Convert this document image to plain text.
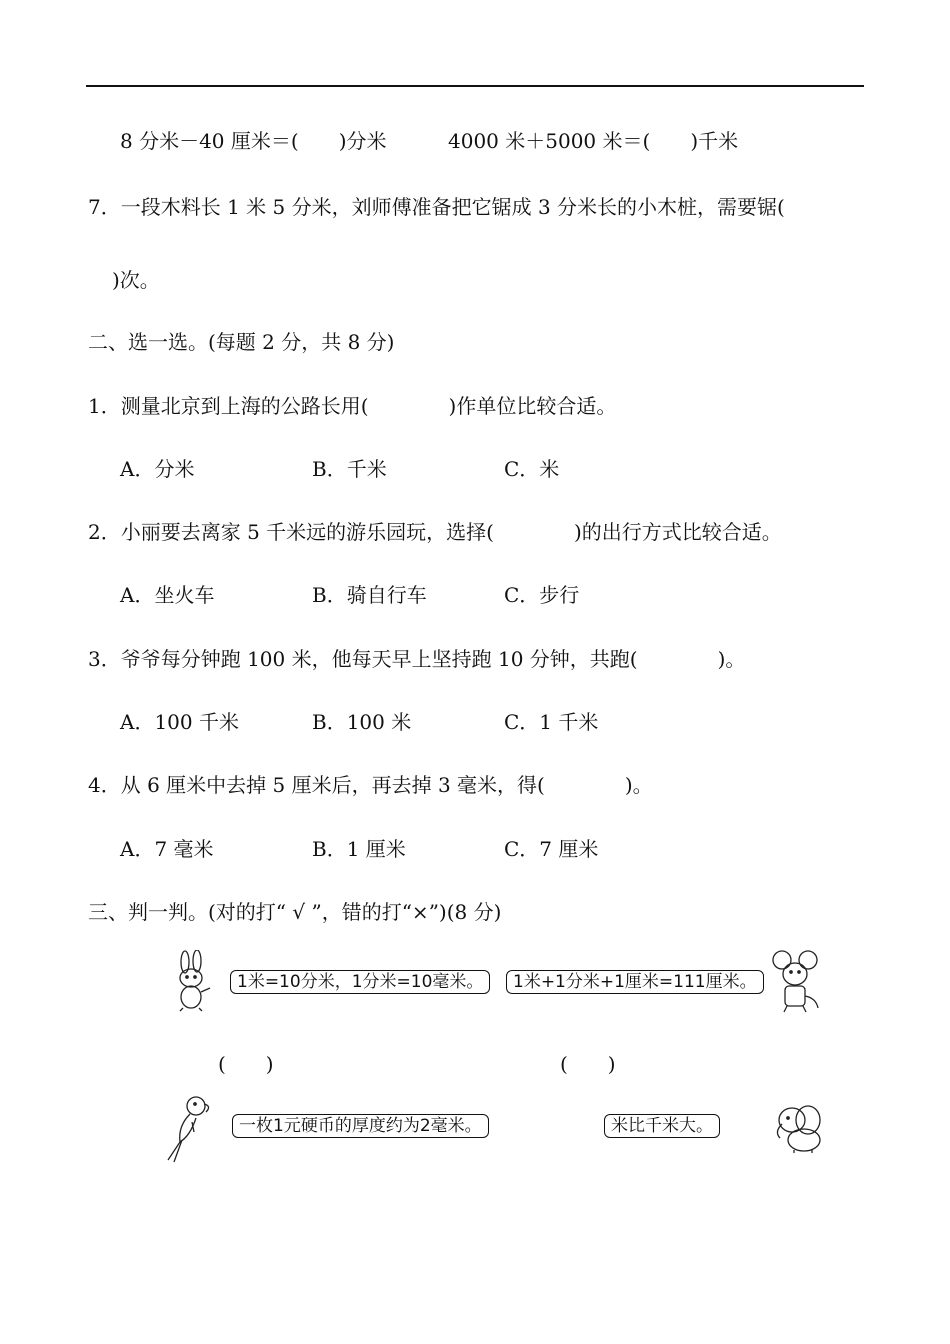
8 分米－40 厘米＝(　　)分米	4000 米＋5000 米＝(　　)千米
7．一段木料长 1 米 5 分米，刘师傅准备把它锯成 3 分米长的小木桩，需要锯(
)次。
二、选一选。(每题 2 分，共 8 分)
1．测量北京到上海的公路长用(　　　　)作单位比较合适。
A．分米	B．千米	C．米
2．小丽要去离家 5 千米远的游乐园玩，选择(　　　　)的出行方式比较合适。
A．坐火车	B．骑自行车	C．步行
3．爷爷每分钟跑 100 米，他每天早上坚持跑 10 分钟，共跑(　　　　)。
A．100 千米	B．100 米	C．1 千米
4．从 6 厘米中去掉 5 厘米后，再去掉 3 毫米，得(　　　　)。
A．7 毫米	B．1 厘米	C．7 厘米
三、判一判。(对的打“ √ ”，错的打“×”)(8 分)
1米=10分米，1分米=10毫米。	1米+1分米+1厘米=111厘米。
(　　)	(　　)
一枚1元硬币的厚度约为2毫米。	米比千米大。
